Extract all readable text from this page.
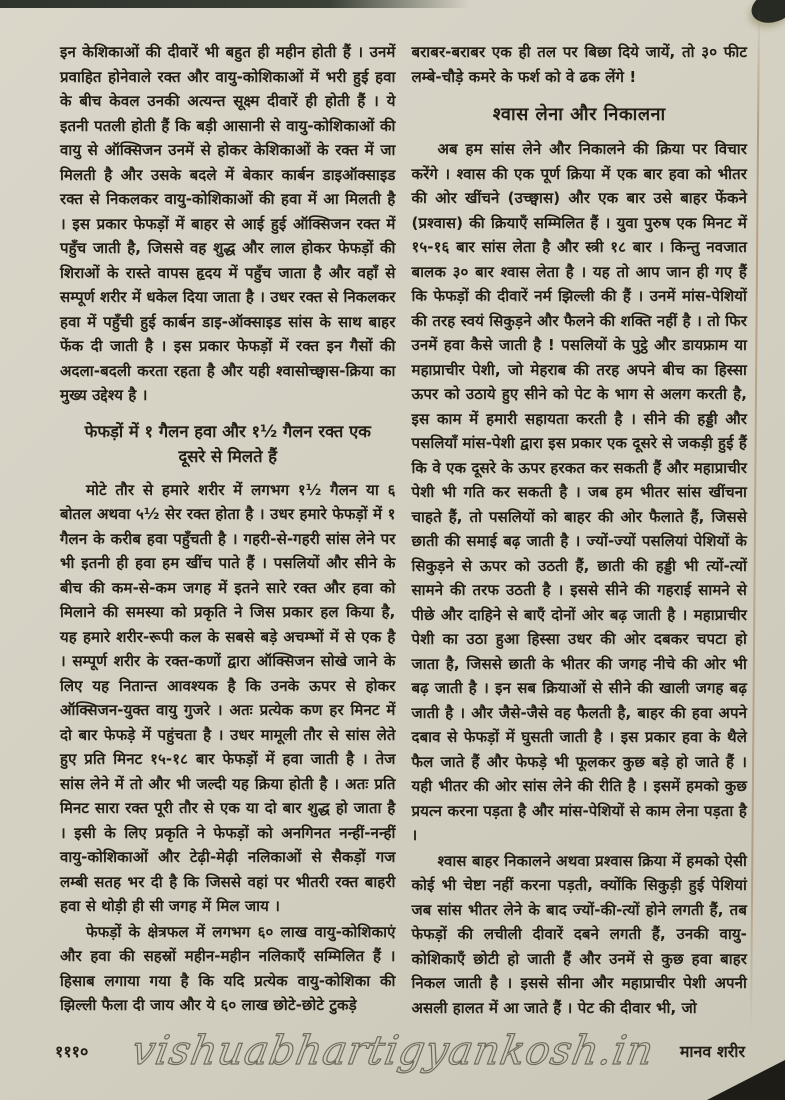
इन केशिकाओं की दीवारें भी बहुत ही महीन होती हैं । उनमें प्रवाहित होनेवाले रक्त और वायु-कोशिकाओं में भरी हुई हवा के बीच केवल उनकी अत्यन्त सूक्ष्म दीवारें ही होती हैं । ये इतनी पतली होती हैं कि बड़ी आसानी से वायु-कोशिकाओं की वायु से ऑक्सिजन उनमें से होकर केशिकाओं के रक्त में जा मिलती है और उसके बदले में बेकार कार्बन डाइऑक्साइड रक्त से निकलकर वायु-कोशिकाओं की हवा में आ मिलती है । इस प्रकार फेफड़ों में बाहर से आई हुई ऑक्सिजन रक्त में पहुँच जाती है, जिससे वह शुद्ध और लाल होकर फेफड़ों की शिराओं के रास्ते वापस हृदय में पहुँच जाता है और वहाँ से सम्पूर्ण शरीर में धकेल दिया जाता है । उधर रक्त से निकलकर हवा में पहुँची हुई कार्बन डाइ-ऑक्साइड सांस के साथ बाहर फेंक दी जाती है । इस प्रकार फेफड़ों में रक्त इन गैसों की अदला-बदली करता रहता है और यही श्वासोच्छ्वास-क्रिया का मुख्य उद्देश्य है ।

फेफड़ों में १ गैलन हवा और १½ गैलन रक्त एक दूसरे से मिलते हैं

मोटे तौर से हमारे शरीर में लगभग १½ गैलन या ६ बोतल अथवा ५½ सेर रक्त होता है । उधर हमारे फेफड़ों में १ गैलन के करीब हवा पहुँचती है । गहरी-से-गहरी सांस लेने पर भी इतनी ही हवा हम खींच पाते हैं । पसलियों और सीने के बीच की कम-से-कम जगह में इतने सारे रक्त और हवा को मिलाने की समस्या को प्रकृति ने जिस प्रकार हल किया है, यह हमारे शरीर-रूपी कल के सबसे बड़े अचम्भों में से एक है । सम्पूर्ण शरीर के रक्त-कणों द्वारा ऑक्सिजन सोखे जाने के लिए यह नितान्त आवश्यक है कि उनके ऊपर से होकर ऑक्सिजन-युक्त वायु गुजरे । अतः प्रत्येक कण हर मिनट में दो बार फेफड़े में पहुंचता है । उधर मामूली तौर से सांस लेते हुए प्रति मिनट १५-१८ बार फेफड़ों में हवा जाती है । तेज सांस लेने में तो और भी जल्दी यह क्रिया होती है । अतः प्रति मिनट सारा रक्त पूरी तौर से एक या दो बार शुद्ध हो जाता है । इसी के लिए प्रकृति ने फेफड़ों को अनगिनत नन्हीं-नन्हीं वायु-कोशिकाओं और टेढ़ी-मेढ़ी नलिकाओं से सैकड़ों गज लम्बी सतह भर दी है कि जिससे वहां पर भीतरी रक्त बाहरी हवा से थोड़ी ही सी जगह में मिल जाय ।

फेफड़ों के क्षेत्रफल में लगभग ६० लाख वायु-कोशिकाएं और हवा की सहस्रों महीन-महीन नलिकाएँ सम्मिलित हैं । हिसाब लगाया गया है कि यदि प्रत्येक वायु-कोशिका की झिल्ली फैला दी जाय और ये ६० लाख छोटे-छोटे टुकड़े

बराबर-बराबर एक ही तल पर बिछा दिये जायें, तो ३० फीट लम्बे-चौड़े कमरे के फर्श को वे ढक लेंगे !

श्वास लेना और निकालना

अब हम सांस लेने और निकालने की क्रिया पर विचार करेंगे । श्वास की एक पूर्ण क्रिया में एक बार हवा को भीतर की ओर खींचने (उच्छ्वास) और एक बार उसे बाहर फेंकने (प्रश्वास) की क्रियाएँ सम्मिलित हैं । युवा पुरुष एक मिनट में १५-१६ बार सांस लेता है और स्त्री १८ बार । किन्तु नवजात बालक ३० बार श्वास लेता है । यह तो आप जान ही गए हैं कि फेफड़ों की दीवारें नर्म झिल्ली की हैं । उनमें मांस-पेशियों की तरह स्वयं सिकुड़ने और फैलने की शक्ति नहीं है । तो फिर उनमें हवा कैसे जाती है ! पसलियों के पुट्ठे और डायफ्राम या महाप्राचीर पेशी, जो मेहराब की तरह अपने बीच का हिस्सा ऊपर को उठाये हुए सीने को पेट के भाग से अलग करती है, इस काम में हमारी सहायता करती है । सीने की हड्डी और पसलियाँ मांस-पेशी द्वारा इस प्रकार एक दूसरे से जकड़ी हुई हैं कि वे एक दूसरे के ऊपर हरकत कर सकती हैं और महाप्राचीर पेशी भी गति कर सकती है । जब हम भीतर सांस खींचना चाहते हैं, तो पसलियों को बाहर की ओर फैलाते हैं, जिससे छाती की समाई बढ़ जाती है । ज्यों-ज्यों पसलियां पेशियों के सिकुड़ने से ऊपर को उठती हैं, छाती की हड्डी भी त्यों-त्यों सामने की तरफ उठती है । इससे सीने की गहराई सामने से पीछे और दाहिने से बाएँ दोनों ओर बढ़ जाती है । महाप्राचीर पेशी का उठा हुआ हिस्सा उधर की ओर दबकर चपटा हो जाता है, जिससे छाती के भीतर की जगह नीचे की ओर भी बढ़ जाती है । इन सब क्रियाओं से सीने की खाली जगह बढ़ जाती है । और जैसे-जैसे वह फैलती है, बाहर की हवा अपने दबाव से फेफड़ों में घुसती जाती है । इस प्रकार हवा के थैले फैल जाते हैं और फेफड़े भी फूलकर कुछ बड़े हो जाते हैं । यही भीतर की ओर सांस लेने की रीति है । इसमें हमको कुछ प्रयत्न करना पड़ता है और मांस-पेशियों से काम लेना पड़ता है ।

श्वास बाहर निकालने अथवा प्रश्वास क्रिया में हमको ऐसी कोई भी चेष्टा नहीं करना पड़ती, क्योंकि सिकुड़ी हुई पेशियां जब सांस भीतर लेने के बाद ज्यों-की-त्यों होने लगती हैं, तब फेफड़ों की लचीली दीवारें दबने लगती हैं, उनकी वायु-कोशिकाएँ छोटी हो जाती हैं और उनमें से कुछ हवा बाहर निकल जाती है । इससे सीना और महाप्राचीर पेशी अपनी असली हालत में आ जाते हैं । पेट की दीवार भी, जो

vishuabhartigyankosh.in
१११०	मानव शरीर
